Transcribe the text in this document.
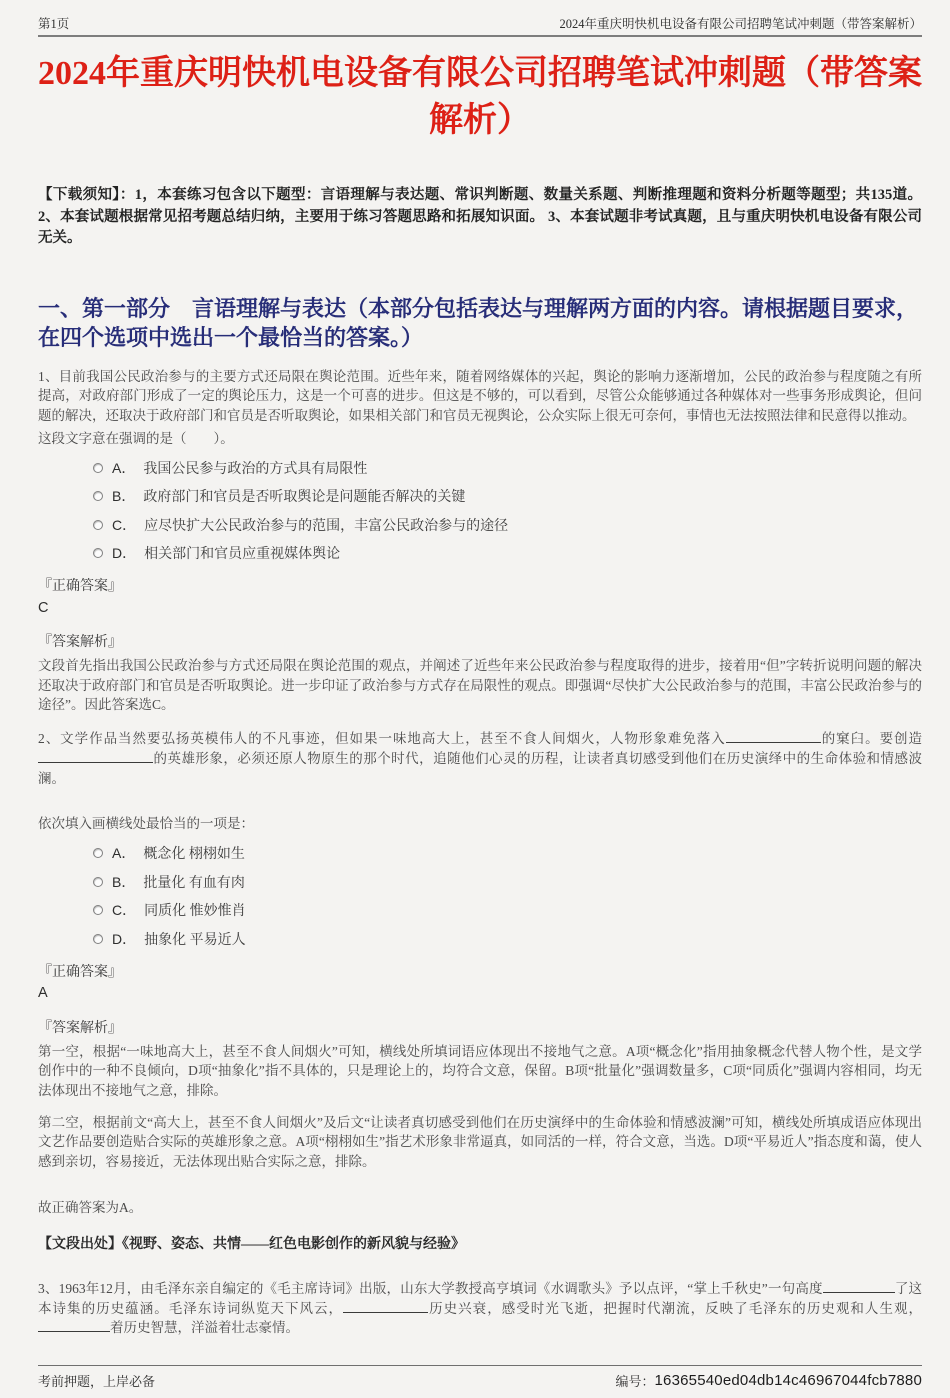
第1页	2024年重庆明快机电设备有限公司招聘笔试冲刺题（带答案解析）
2024年重庆明快机电设备有限公司招聘笔试冲刺题（带答案解析）

【下载须知】：1，本套练习包含以下题型：言语理解与表达题、常识判断题、数量关系题、判断推理题和资料分析题等题型；共135道。 2、本套试题根据常见招考题总结归纳，主要用于练习答题思路和拓展知识面。 3、本套试题非考试真题，且与重庆明快机电设备有限公司无关。

一、第一部分　言语理解与表达（本部分包括表达与理解两方面的内容。请根据题目要求，在四个选项中选出一个最恰当的答案。）

1、目前我国公民政治参与的主要方式还局限在舆论范围。近些年来，随着网络媒体的兴起，舆论的影响力逐渐增加，公民的政治参与程度随之有所提高，对政府部门形成了一定的舆论压力，这是一个可喜的进步。但这是不够的，可以看到，尽管公众能够通过各种媒体对一些事务形成舆论，但问题的解决，还取决于政府部门和官员是否听取舆论，如果相关部门和官员无视舆论，公众实际上很无可奈何，事情也无法按照法律和民意得以推动。

这段文字意在强调的是（　　）。

A． 我国公民参与政治的方式具有局限性
B． 政府部门和官员是否听取舆论是问题能否解决的关键
C． 应尽快扩大公民政治参与的范围，丰富公民政治参与的途径
D． 相关部门和官员应重视媒体舆论
『正确答案』
C
『答案解析』

文段首先指出我国公民政治参与方式还局限在舆论范围的观点，并阐述了近些年来公民政治参与程度取得的进步，接着用“但”字转折说明问题的解决还取决于政府部门和官员是否听取舆论。进一步印证了政治参与方式存在局限性的观点。即强调“尽快扩大公民政治参与的范围，丰富公民政治参与的途径”。因此答案选C。

2、文学作品当然要弘扬英模伟人的不凡事迹，但如果一味地高大上，甚至不食人间烟火，人物形象难免落入	的窠臼。要创造的英雄形象，必须还原人物原生的那个时代，追随他们心灵的历程，让读者真切感受到他们在历史演绎中的生命体验和情感波澜。

依次填入画横线处最恰当的一项是：

A． 概念化 栩栩如生
B． 批量化 有血有肉
C． 同质化 惟妙惟肖
D． 抽象化 平易近人
『正确答案』
A
『答案解析』

第一空，根据“一味地高大上，甚至不食人间烟火”可知，横线处所填词语应体现出不接地气之意。A项“概念化”指用抽象概念代替人物个性，是文学创作中的一种不良倾向，D项“抽象化”指不具体的，只是理论上的，均符合文意，保留。B项“批量化”强调数量多，C项“同质化”强调内容相同，均无法体现出不接地气之意，排除。

第二空，根据前文“高大上，甚至不食人间烟火”及后文“让读者真切感受到他们在历史演绎中的生命体验和情感波澜”可知，横线处所填成语应体现出文艺作品要创造贴合实际的英雄形象之意。A项“栩栩如生”指艺术形象非常逼真，如同活的一样，符合文意，当选。D项“平易近人”指态度和蔼，使人感到亲切，容易接近，无法体现出贴合实际之意，排除。

故正确答案为A。

【文段出处】《视野、姿态、共情——红色电影创作的新风貌与经验》

3、1963年12月，由毛泽东亲自编定的《毛主席诗词》出版，山东大学教授高亨填词《水调歌头》予以点评，“掌上千秋史”一句高度	了这本诗集的历史蕴涵。毛泽东诗词纵览天下风云，	历史兴衰，感受时光飞逝，把握时代潮流，反映了毛泽东的历史观和人生观，着历史智慧，洋溢着壮志豪情。

考前押题，上岸必备	编号： 16365540ed04db14c46967044fcb7880
